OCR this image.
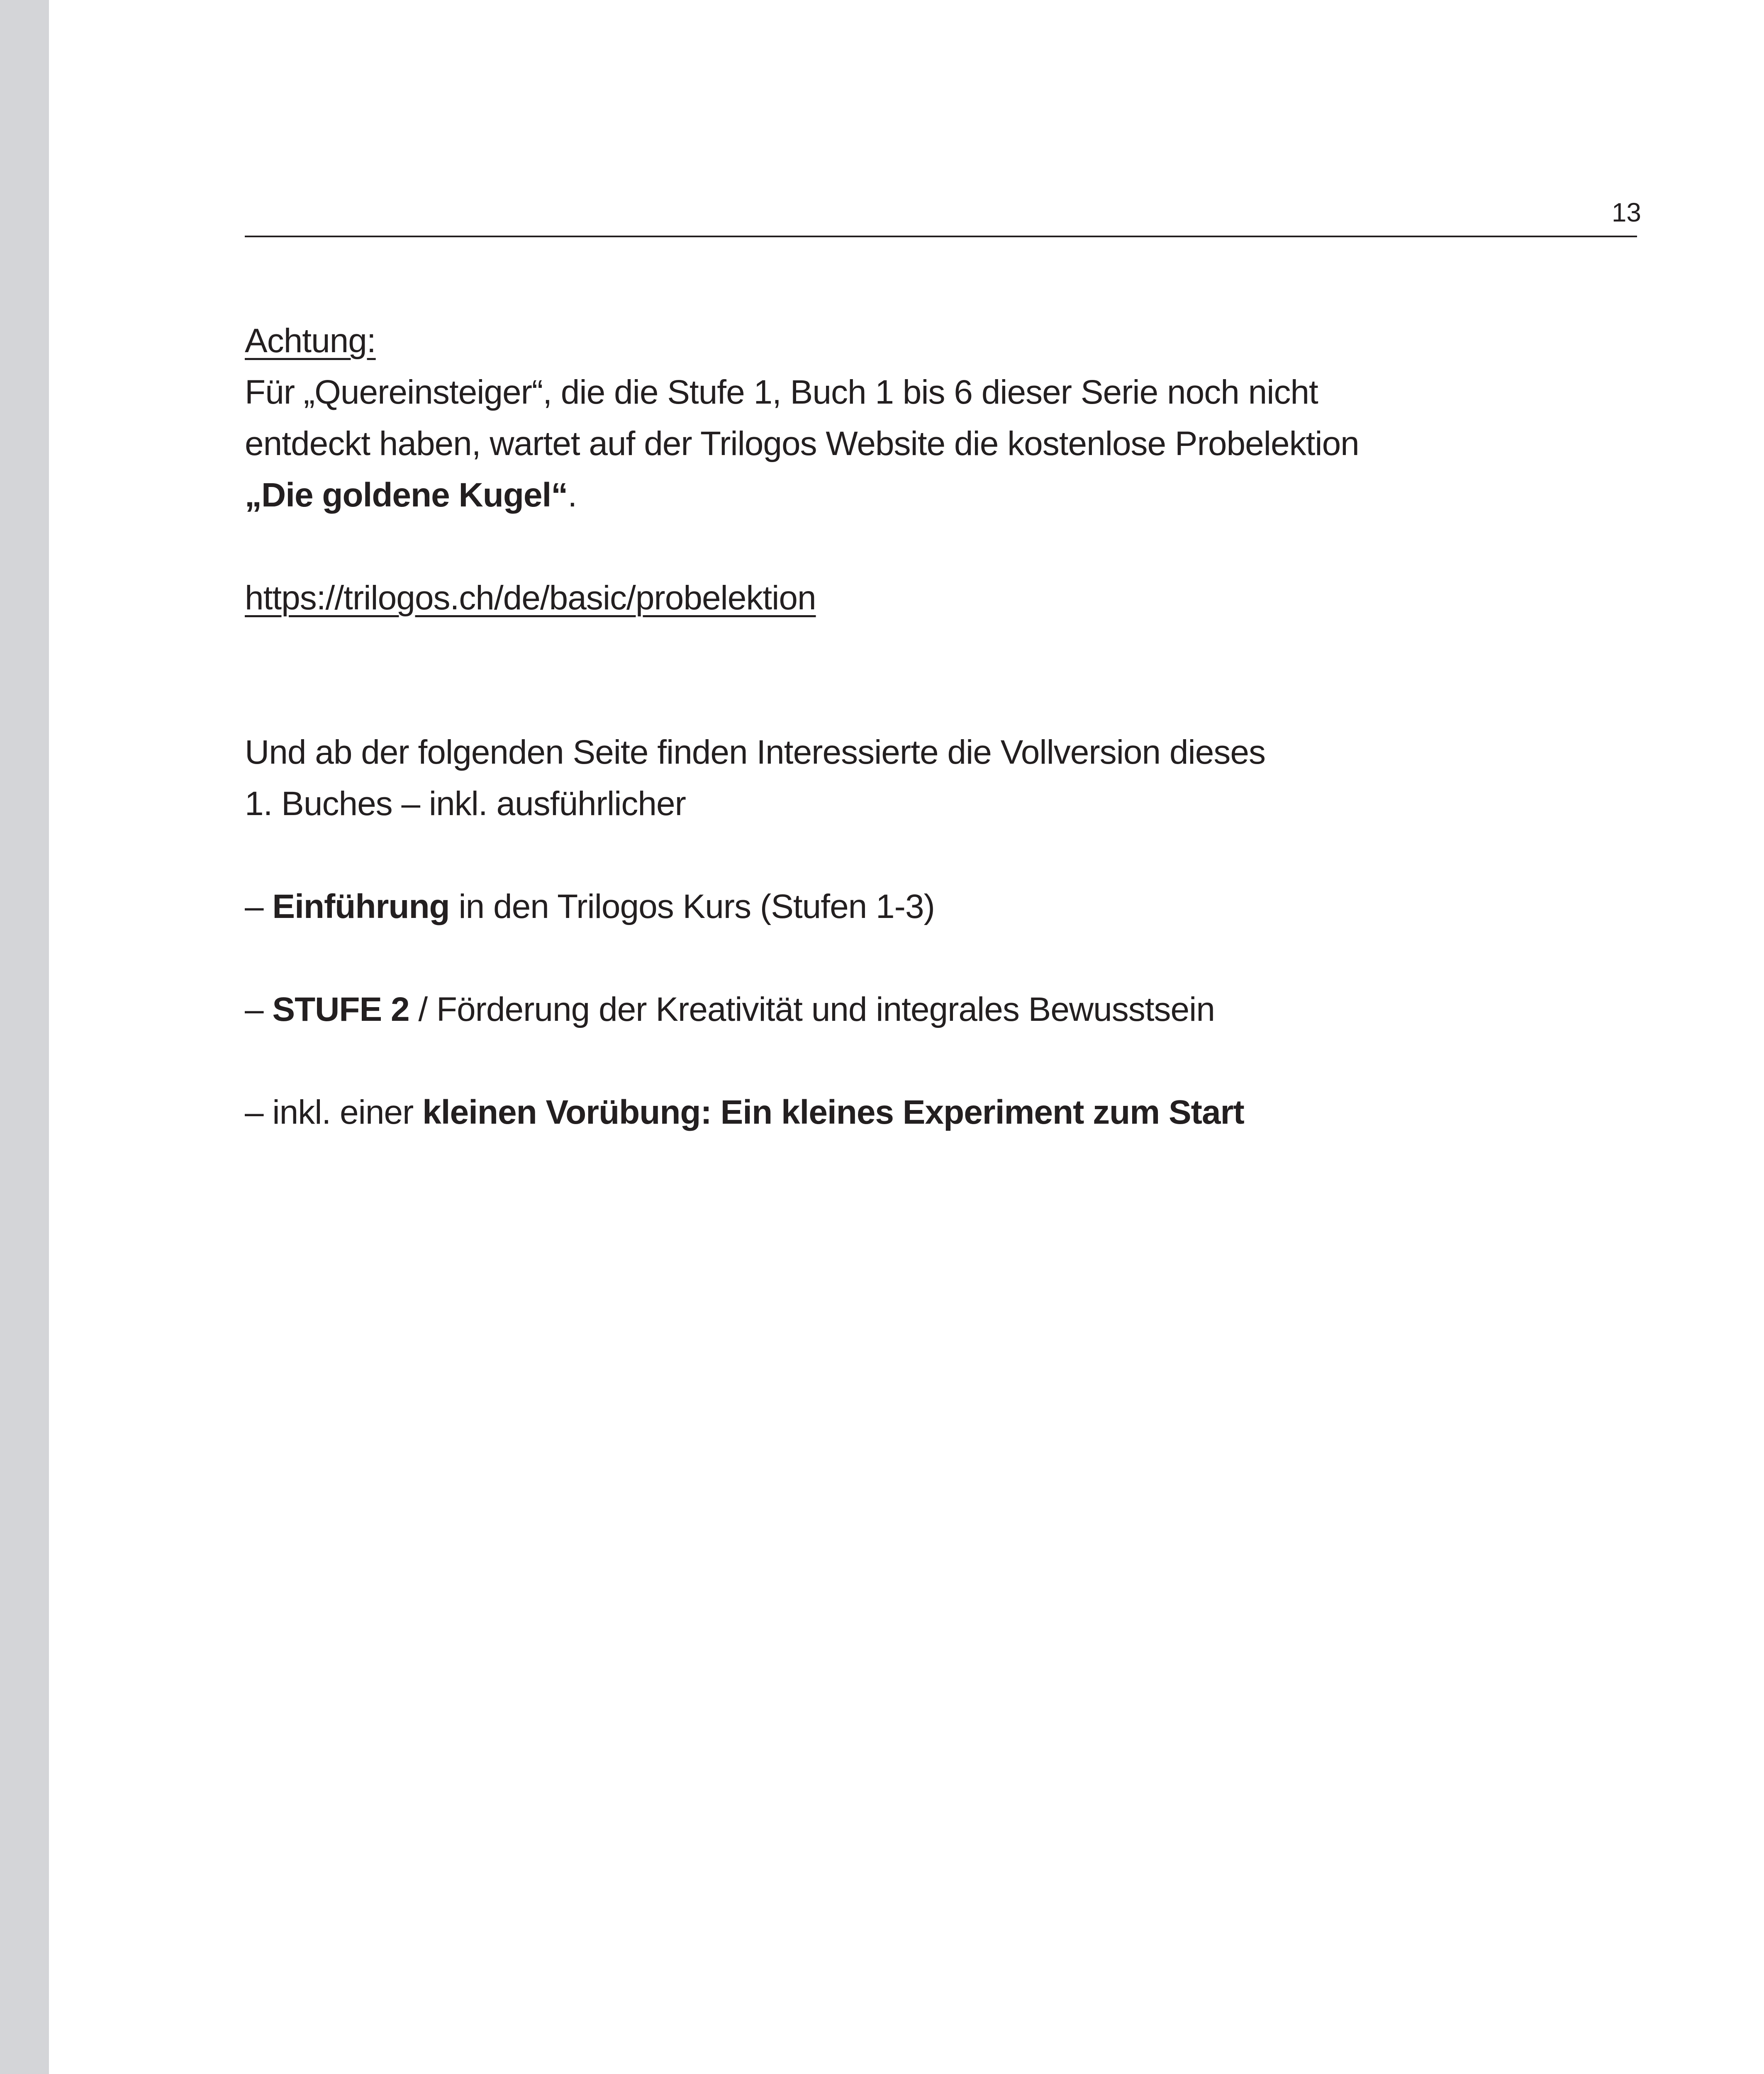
13

Achtung:

Für „Quereinsteiger“, die die Stufe 1, Buch 1 bis 6 dieser Serie noch nicht

entdeckt haben, wartet auf der Trilogos Website die kostenlose Probelektion

„Die goldene Kugel“.

https://trilogos.ch/de/basic/probelektion

Und ab der folgenden Seite finden Interessierte die Vollversion dieses

1. Buches – inkl. ausführlicher

– Einführung in den Trilogos Kurs (Stufen 1-3)

– STUFE 2 / Förderung der Kreativität und integrales Bewusstsein

– inkl. einer kleinen Vorübung: Ein kleines Experiment zum Start
